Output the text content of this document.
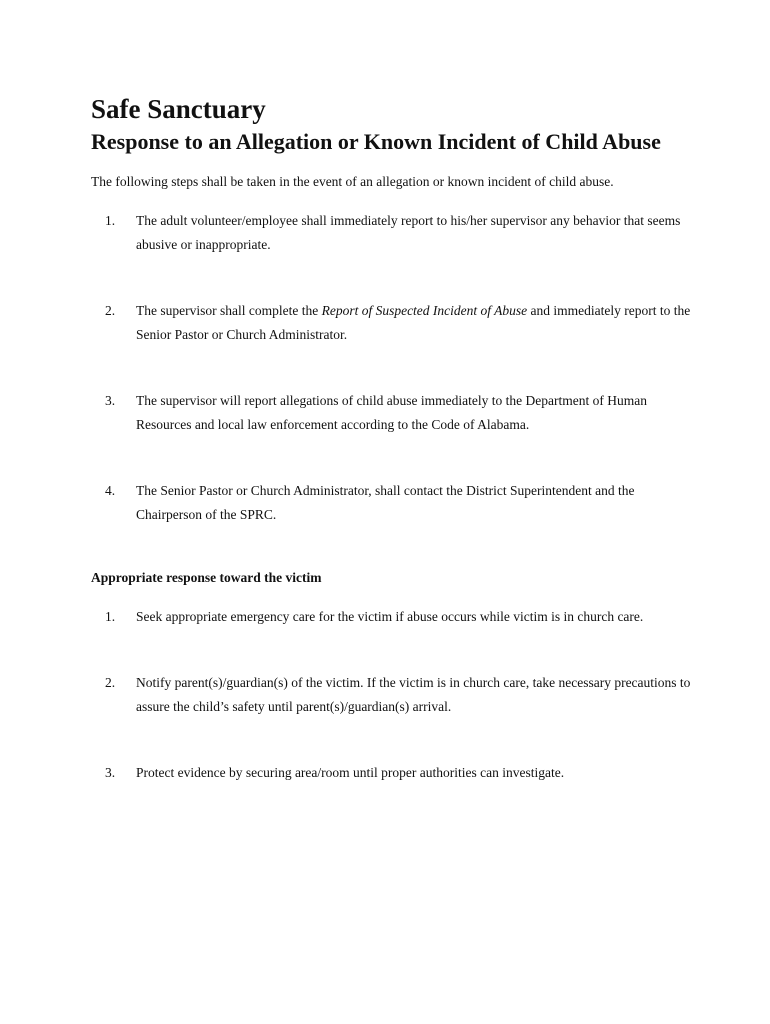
Safe Sanctuary
Response to an Allegation or Known Incident of Child Abuse

The following steps shall be taken in the event of an allegation or known incident of child abuse.

1. The adult volunteer/employee shall immediately report to his/her supervisor any behavior that seems abusive or inappropriate.
2. The supervisor shall complete the Report of Suspected Incident of Abuse and immediately report to the Senior Pastor or Church Administrator.
3. The supervisor will report allegations of child abuse immediately to the Department of Human Resources and local law enforcement according to the Code of Alabama.
4. The Senior Pastor or Church Administrator, shall contact the District Superintendent and the Chairperson of the SPRC.
Appropriate response toward the victim
1. Seek appropriate emergency care for the victim if abuse occurs while victim is in church care.
2. Notify parent(s)/guardian(s) of the victim. If the victim is in church care, take necessary precautions to assure the child’s safety until parent(s)/guardian(s) arrival.
3. Protect evidence by securing area/room until proper authorities can investigate.
